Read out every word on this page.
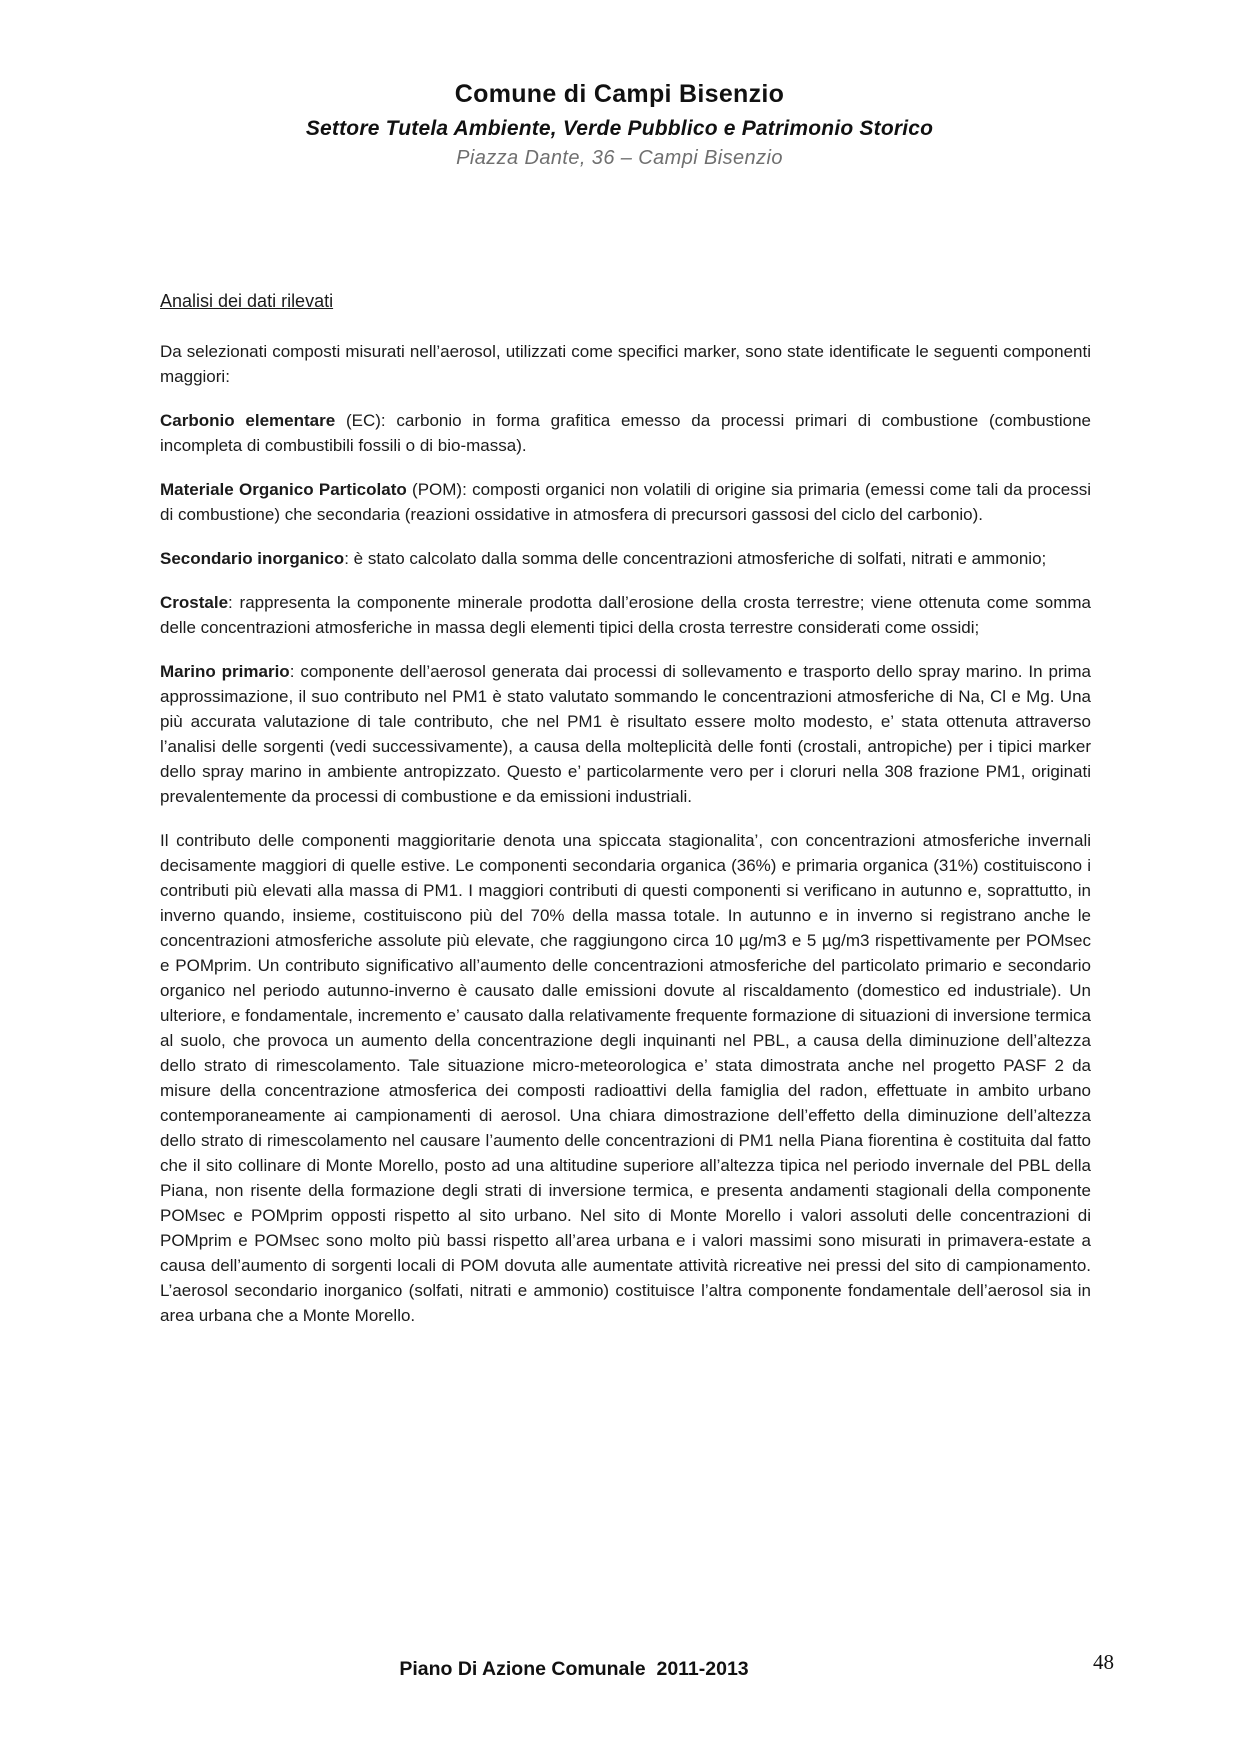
Comune di Campi Bisenzio
Settore Tutela Ambiente, Verde Pubblico e Patrimonio Storico
Piazza Dante, 36 – Campi Bisenzio
Analisi dei dati rilevati

Da selezionati composti misurati nell’aerosol, utilizzati come specifici marker, sono state identificate le seguenti componenti maggiori:

Carbonio elementare (EC): carbonio in forma grafitica emesso da processi primari di combustione (combustione incompleta di combustibili fossili o di bio-massa).

Materiale Organico Particolato (POM): composti organici non volatili di origine sia primaria (emessi come tali da processi di combustione) che secondaria (reazioni ossidative in atmosfera di precursori gassosi del ciclo del carbonio).

Secondario inorganico: è stato calcolato dalla somma delle concentrazioni atmosferiche di solfati, nitrati e ammonio;

Crostale: rappresenta la componente minerale prodotta dall’erosione della crosta terrestre; viene ottenuta come somma delle concentrazioni atmosferiche in massa degli elementi tipici della crosta terrestre considerati come ossidi;

Marino primario: componente dell’aerosol generata dai processi di sollevamento e trasporto dello spray marino. In prima approssimazione, il suo contributo nel PM1 è stato valutato sommando le concentrazioni atmosferiche di Na, Cl e Mg. Una più accurata valutazione di tale contributo, che nel PM1 è risultato essere molto modesto, e’ stata ottenuta attraverso l’analisi delle sorgenti (vedi successivamente), a causa della molteplicità delle fonti (crostali, antropiche) per i tipici marker dello spray marino in ambiente antropizzato. Questo e’ particolarmente vero per i cloruri nella 308 frazione PM1, originati prevalentemente da processi di combustione e da emissioni industriali.

Il contributo delle componenti maggioritarie denota una spiccata stagionalita’, con concentrazioni atmosferiche invernali decisamente maggiori di quelle estive. Le componenti secondaria organica (36%) e primaria organica (31%) costituiscono i contributi più elevati alla massa di PM1. I maggiori contributi di questi componenti si verificano in autunno e, soprattutto, in inverno quando, insieme, costituiscono più del 70% della massa totale. In autunno e in inverno si registrano anche le concentrazioni atmosferiche assolute più elevate, che raggiungono circa 10 µg/m3 e 5 µg/m3 rispettivamente per POMsec e POMprim. Un contributo significativo all’aumento delle concentrazioni atmosferiche del particolato primario e secondario organico nel periodo autunno-inverno è causato dalle emissioni dovute al riscaldamento (domestico ed industriale). Un ulteriore, e fondamentale, incremento e’ causato dalla relativamente frequente formazione di situazioni di inversione termica al suolo, che provoca un aumento della concentrazione degli inquinanti nel PBL, a causa della diminuzione dell’altezza dello strato di rimescolamento. Tale situazione micro-meteorologica e’ stata dimostrata anche nel progetto PASF 2 da misure della concentrazione atmosferica dei composti radioattivi della famiglia del radon, effettuate in ambito urbano contemporaneamente ai campionamenti di aerosol. Una chiara dimostrazione dell’effetto della diminuzione dell’altezza dello strato di rimescolamento nel causare l’aumento delle concentrazioni di PM1 nella Piana fiorentina è costituita dal fatto che il sito collinare di Monte Morello, posto ad una altitudine superiore all’altezza tipica nel periodo invernale del PBL della Piana, non risente della formazione degli strati di inversione termica, e presenta andamenti stagionali della componente POMsec e POMprim opposti rispetto al sito urbano. Nel sito di Monte Morello i valori assoluti delle concentrazioni di POMprim e POMsec sono molto più bassi rispetto all’area urbana e i valori massimi sono misurati in primavera-estate a causa dell’aumento di sorgenti locali di POM dovuta alle aumentate attività ricreative nei pressi del sito di campionamento. L’aerosol secondario inorganico (solfati, nitrati e ammonio) costituisce l’altra componente fondamentale dell’aerosol sia in area urbana che a Monte Morello.

Piano Di Azione Comunale  2011-2013	48
